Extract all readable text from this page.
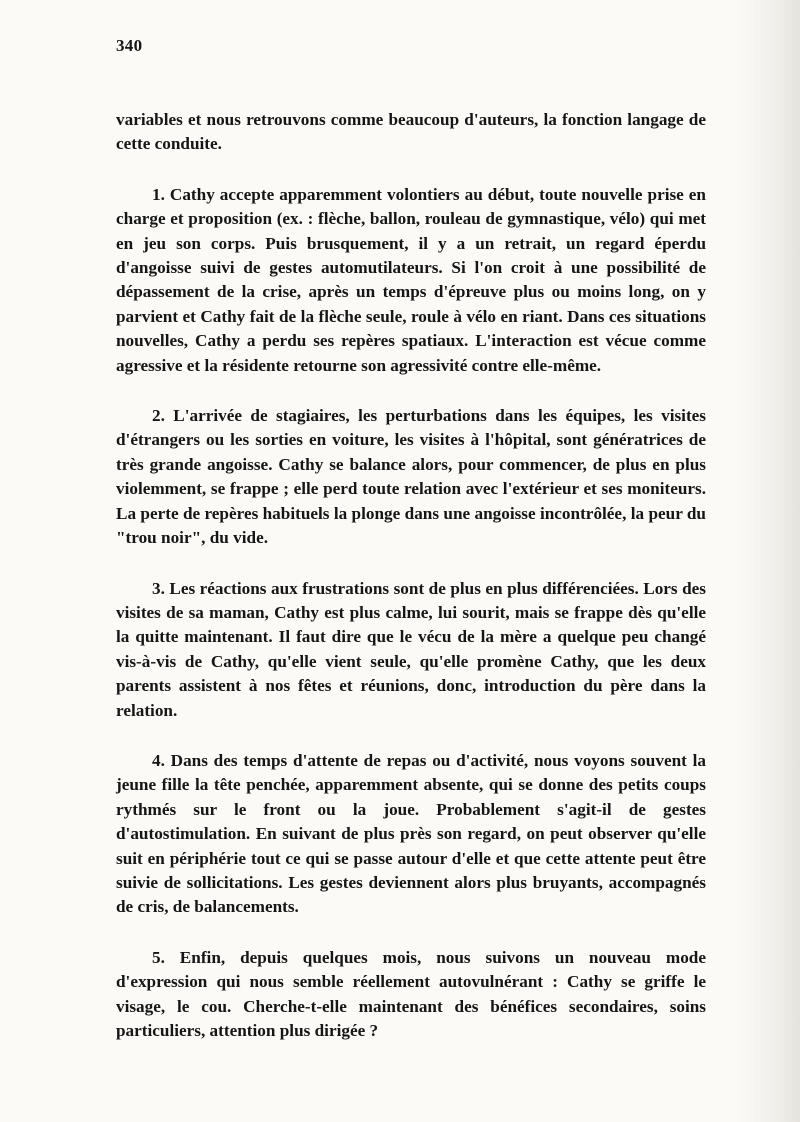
340

variables et nous retrouvons comme beaucoup d'auteurs, la fonction langage de cette conduite.

1. Cathy accepte apparemment volontiers au début, toute nouvelle prise en charge et proposition (ex. : flèche, ballon, rouleau de gymnastique, vélo) qui met en jeu son corps. Puis brusquement, il y a un retrait, un regard éperdu d'angoisse suivi de gestes automutilateurs. Si l'on croit à une possibilité de dépassement de la crise, après un temps d'épreuve plus ou moins long, on y parvient et Cathy fait de la flèche seule, roule à vélo en riant. Dans ces situations nouvelles, Cathy a perdu ses repères spatiaux. L'interaction est vécue comme agressive et la résidente retourne son agressivité contre elle-même.

2. L'arrivée de stagiaires, les perturbations dans les équipes, les visites d'étrangers ou les sorties en voiture, les visites à l'hôpital, sont génératrices de très grande angoisse. Cathy se balance alors, pour commencer, de plus en plus violemment, se frappe ; elle perd toute relation avec l'extérieur et ses moniteurs. La perte de repères habituels la plonge dans une angoisse incontrôlée, la peur du "trou noir", du vide.

3. Les réactions aux frustrations sont de plus en plus différenciées. Lors des visites de sa maman, Cathy est plus calme, lui sourit, mais se frappe dès qu'elle la quitte maintenant. Il faut dire que le vécu de la mère a quelque peu changé vis-à-vis de Cathy, qu'elle vient seule, qu'elle promène Cathy, que les deux parents assistent à nos fêtes et réunions, donc, introduction du père dans la relation.

4. Dans des temps d'attente de repas ou d'activité, nous voyons souvent la jeune fille la tête penchée, apparemment absente, qui se donne des petits coups rythmés sur le front ou la joue. Probablement s'agit-il de gestes d'autostimulation. En suivant de plus près son regard, on peut observer qu'elle suit en périphérie tout ce qui se passe autour d'elle et que cette attente peut être suivie de sollicitations. Les gestes deviennent alors plus bruyants, accompagnés de cris, de balancements.

5. Enfin, depuis quelques mois, nous suivons un nouveau mode d'expression qui nous semble réellement autovulnérant : Cathy se griffe le visage, le cou. Cherche-t-elle maintenant des bénéfices secondaires, soins particuliers, attention plus dirigée ?
